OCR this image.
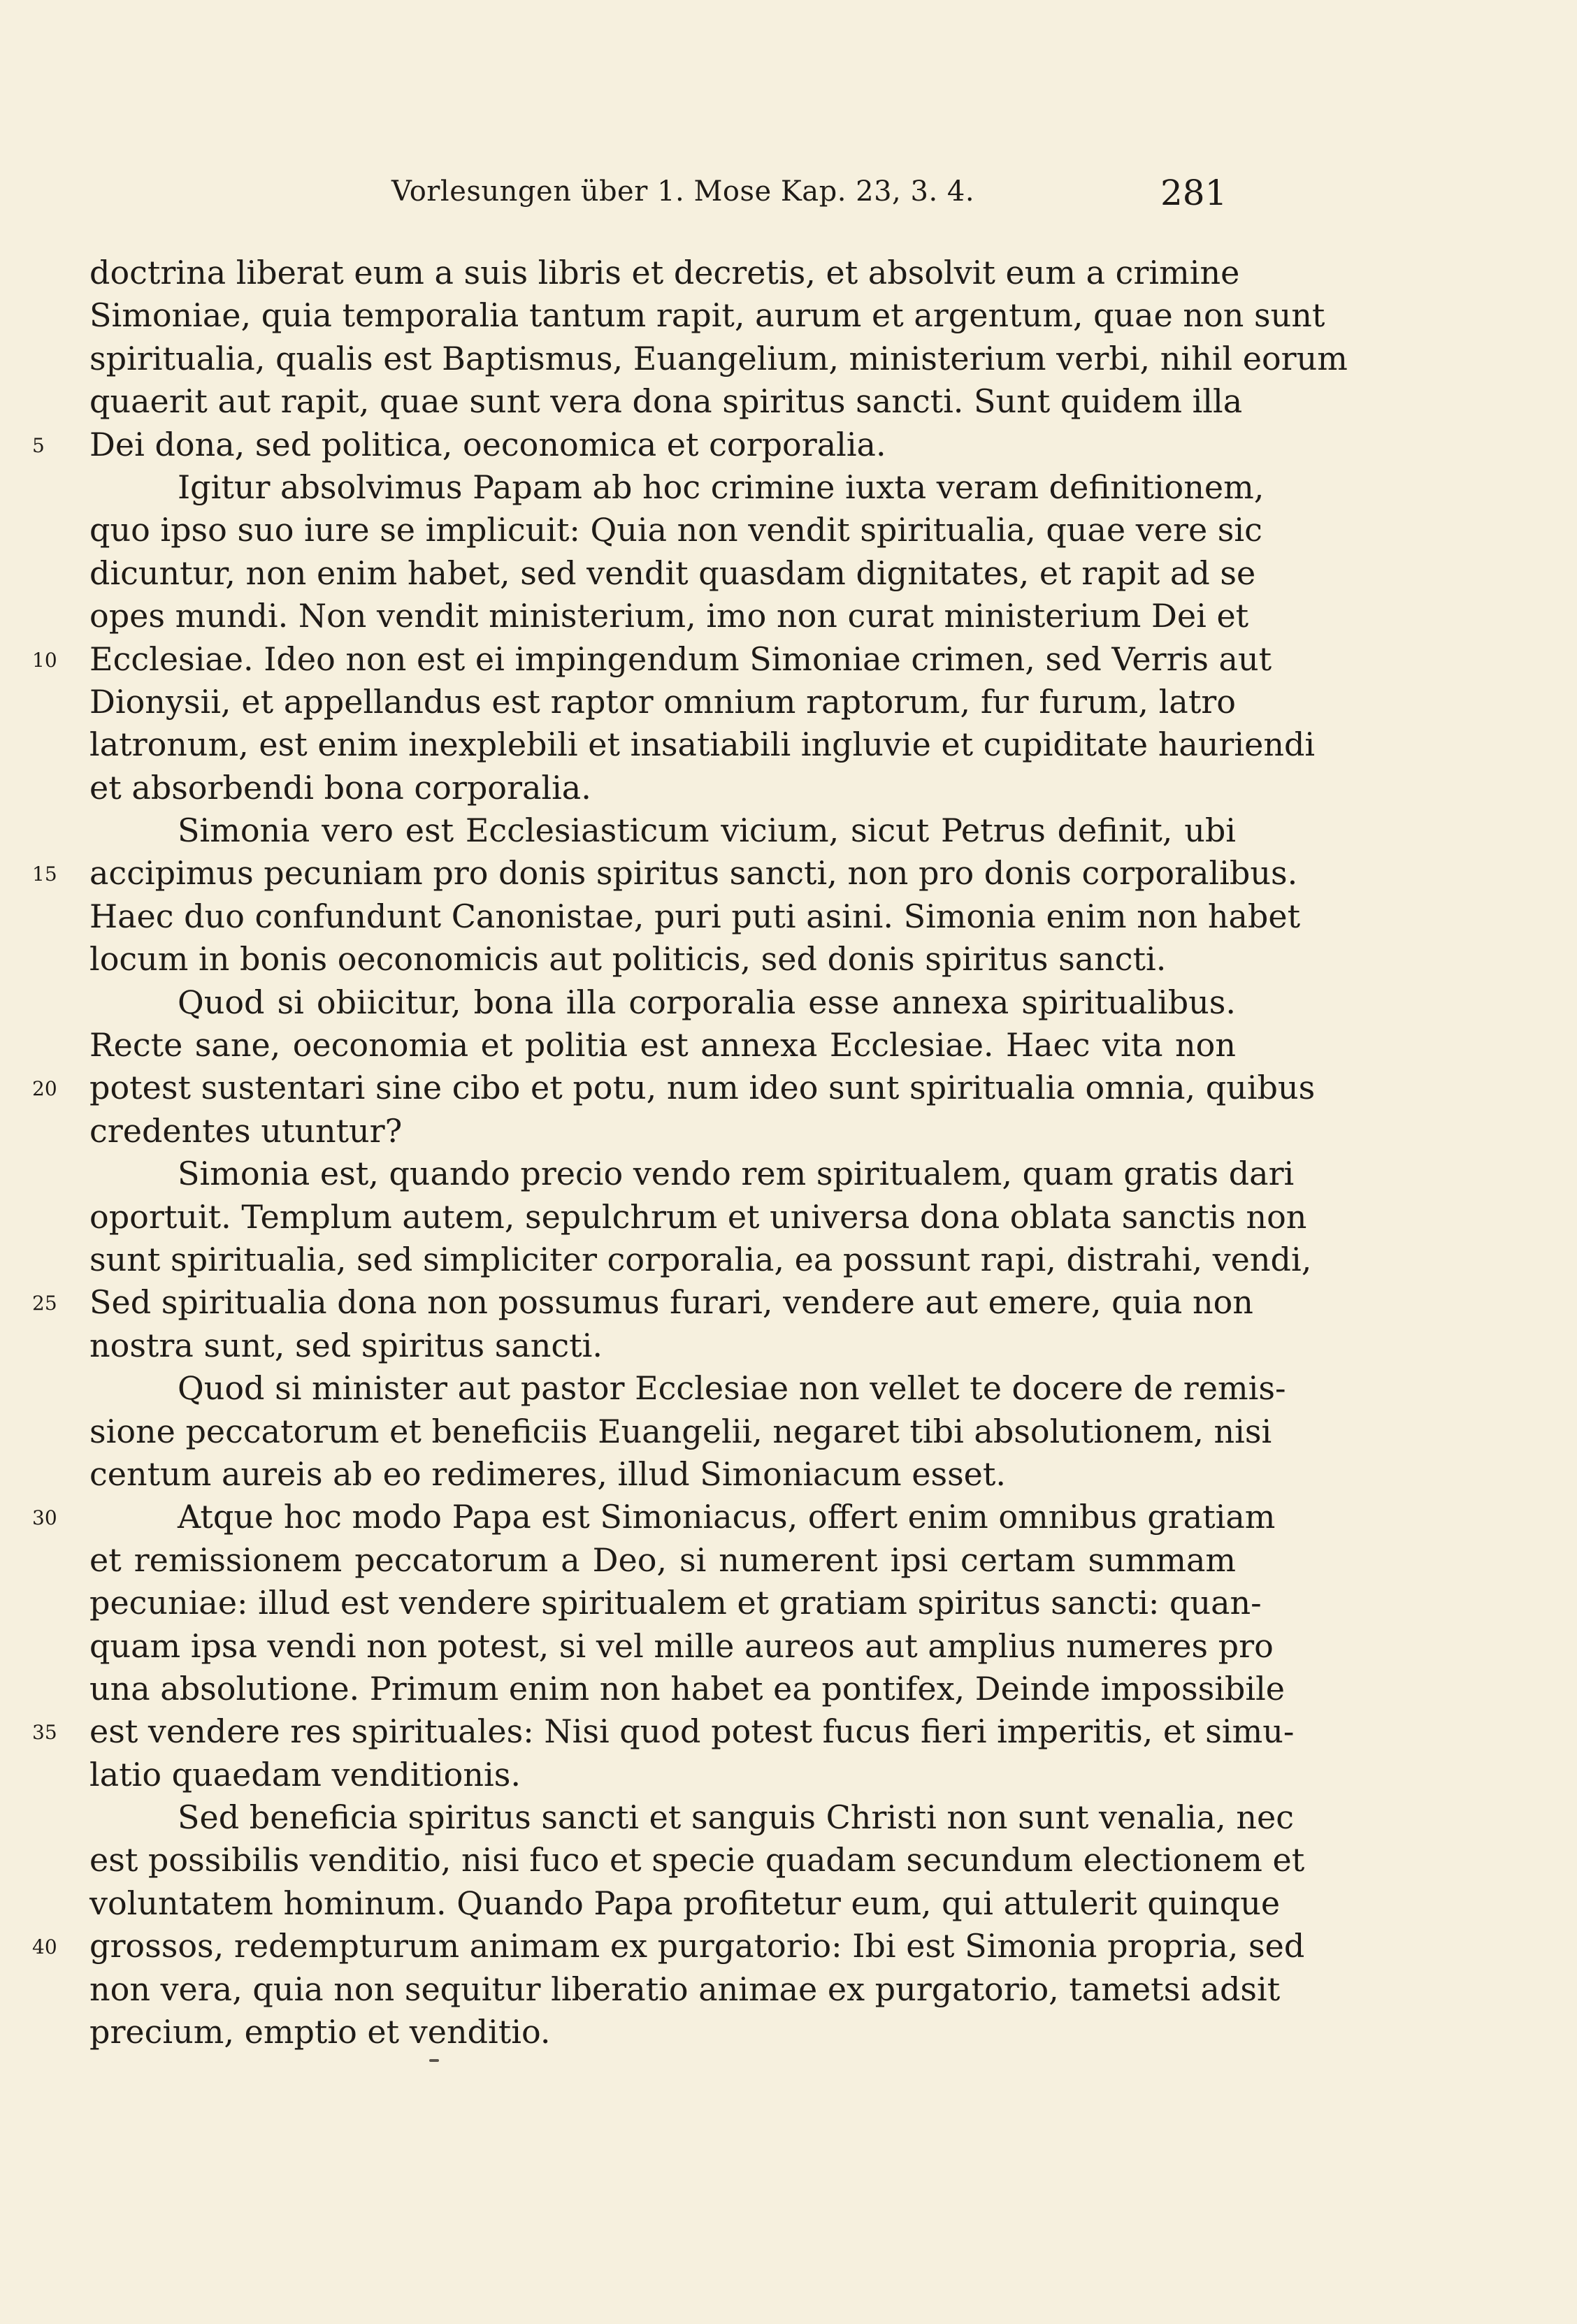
Vorlesungen über 1. Mose Kap. 23, 3. 4.	281
doctrina liberat eum a suis libris et decretis, et absolvit eum a crimine
Simoniae, quia temporalia tantum rapit, aurum et argentum, quae non sunt
spiritualia, qualis est Baptismus, Euangelium, ministerium verbi, nihil eorum
quaerit aut rapit, quae sunt vera dona spiritus sancti. Sunt quidem illa
5	Dei dona, sed politica, oeconomica et corporalia.
Igitur absolvimus Papam ab hoc crimine iuxta veram definitionem,
quo ipso suo iure se implicuit: Quia non vendit spiritualia, quae vere sic
dicuntur, non enim habet, sed vendit quasdam dignitates, et rapit ad se
opes mundi. Non vendit ministerium, imo non curat ministerium Dei et
10	Ecclesiae. Ideo non est ei impingendum Simoniae crimen, sed Verris aut
Dionysii, et appellandus est raptor omnium raptorum, fur furum, latro
latronum, est enim inexplebili et insatiabili ingluvie et cupiditate hauriendi
et absorbendi bona corporalia.
Simonia vero est Ecclesiasticum vicium, sicut Petrus definit, ubi
15	accipimus pecuniam pro donis spiritus sancti, non pro donis corporalibus.
Haec duo confundunt Canonistae, puri puti asini. Simonia enim non habet
locum in bonis oeconomicis aut politicis, sed donis spiritus sancti.
Quod si obiicitur, bona illa corporalia esse annexa spiritualibus.
Recte sane, oeconomia et politia est annexa Ecclesiae. Haec vita non
20	potest sustentari sine cibo et potu, num ideo sunt spiritualia omnia, quibus
credentes utuntur?
Simonia est, quando precio vendo rem spiritualem, quam gratis dari
oportuit. Templum autem, sepulchrum et universa dona oblata sanctis non
sunt spiritualia, sed simpliciter corporalia, ea possunt rapi, distrahi, vendi,
25	Sed spiritualia dona non possumus furari, vendere aut emere, quia non
nostra sunt, sed spiritus sancti.
Quod si minister aut pastor Ecclesiae non vellet te docere de remis-
sione peccatorum et beneficiis Euangelii, negaret tibi absolutionem, nisi
centum aureis ab eo redimeres, illud Simoniacum esset.
30	Atque hoc modo Papa est Simoniacus, offert enim omnibus gratiam
et remissionem peccatorum a Deo, si numerent ipsi certam summam
pecuniae: illud est vendere spiritualem et gratiam spiritus sancti: quan-
quam ipsa vendi non potest, si vel mille aureos aut amplius numeres pro
una absolutione. Primum enim non habet ea pontifex, Deinde impossibile
35	est vendere res spirituales: Nisi quod potest fucus fieri imperitis, et simu-
latio quaedam venditionis.
Sed beneficia spiritus sancti et sanguis Christi non sunt venalia, nec
est possibilis venditio, nisi fuco et specie quadam secundum electionem et
voluntatem hominum. Quando Papa profitetur eum, qui attulerit quinque
40	grossos, redempturum animam ex purgatorio: Ibi est Simonia propria, sed
non vera, quia non sequitur liberatio animae ex purgatorio, tametsi adsit
precium, emptio et venditio.
